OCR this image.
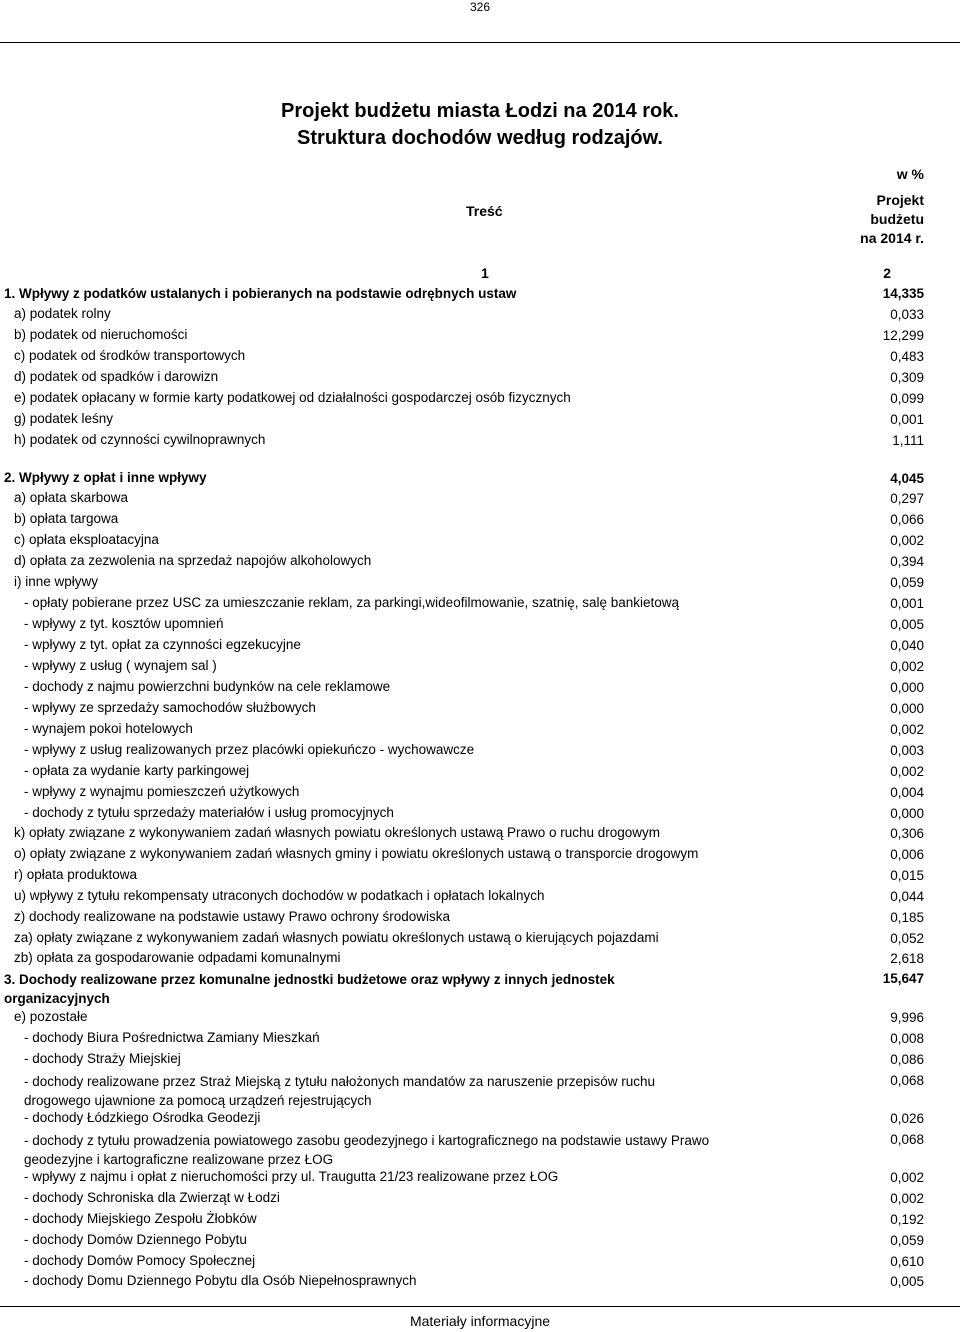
326
Projekt budżetu miasta Łodzi na 2014 rok.
Struktura dochodów według rodzajów.
w %
Treść
Projekt
budżetu
na 2014 r.
1	2
1. Wpływy z podatków ustalanych i pobieranych na podstawie odrębnych ustaw	14,335
a) podatek rolny	0,033
b) podatek od nieruchomości	12,299
c) podatek od środków transportowych	0,483
d) podatek od spadków i darowizn	0,309
e) podatek opłacany w formie karty podatkowej od działalności gospodarczej osób fizycznych	0,099
g) podatek leśny	0,001
h) podatek od czynności cywilnoprawnych	1,111
2. Wpływy z opłat i inne wpływy	4,045
a) opłata skarbowa	0,297
b) opłata targowa	0,066
c) opłata eksploatacyjna	0,002
d) opłata za zezwolenia na sprzedaż napojów alkoholowych	0,394
i) inne wpływy	0,059
- opłaty pobierane przez USC za umieszczanie reklam, za parkingi,wideofilmowanie, szatnię, salę bankietową	0,001
- wpływy z tyt. kosztów upomnień	0,005
- wpływy z tyt. opłat za czynności egzekucyjne	0,040
- wpływy z usług ( wynajem sal )	0,002
- dochody z najmu powierzchni budynków na cele reklamowe	0,000
- wpływy ze sprzedaży samochodów służbowych	0,000
- wynajem pokoi hotelowych	0,002
- wpływy z usług realizowanych przez placówki opiekuńczo - wychowawcze	0,003
- opłata za wydanie karty parkingowej	0,002
- wpływy z wynajmu pomieszczeń użytkowych	0,004
- dochody z tytułu sprzedaży materiałów i usług promocyjnych	0,000
k) opłaty związane z wykonywaniem zadań własnych powiatu określonych ustawą Prawo o ruchu drogowym	0,306
o) opłaty związane z wykonywaniem zadań własnych gminy i powiatu określonych ustawą o transporcie drogowym	0,006
r) opłata produktowa	0,015
u) wpływy z tytułu rekompensaty utraconych dochodów w podatkach i opłatach lokalnych	0,044
z) dochody realizowane na podstawie ustawy Prawo ochrony środowiska	0,185
za) opłaty związane z wykonywaniem zadań własnych powiatu określonych ustawą o kierujących pojazdami	0,052
zb) opłata za gospodarowanie odpadami komunalnymi	2,618
3. Dochody realizowane przez komunalne jednostki budżetowe oraz wpływy z innych jednostek organizacyjnych
15,647
e) pozostałe	9,996
- dochody Biura Pośrednictwa Zamiany Mieszkań	0,008
- dochody Straży Miejskiej	0,086
- dochody realizowane przez Straż Miejską z tytułu nałożonych mandatów za naruszenie przepisów ruchu drogowego ujawnione za pomocą urządzeń rejestrujących
0,068
- dochody Łódzkiego Ośrodka Geodezji	0,026
- dochody z tytułu prowadzenia powiatowego zasobu geodezyjnego i kartograficznego na podstawie ustawy Prawo geodezyjne i kartograficzne realizowane przez ŁOG
0,068
- wpływy z najmu i opłat z nieruchomości przy ul. Traugutta 21/23 realizowane przez ŁOG	0,002
- dochody Schroniska dla Zwierząt w Łodzi	0,002
- dochody Miejskiego Zespołu Żłobków	0,192
- dochody Domów Dziennego Pobytu	0,059
- dochody Domów Pomocy Społecznej	0,610
- dochody Domu Dziennego Pobytu dla Osób Niepełnosprawnych	0,005
Materiały informacyjne
